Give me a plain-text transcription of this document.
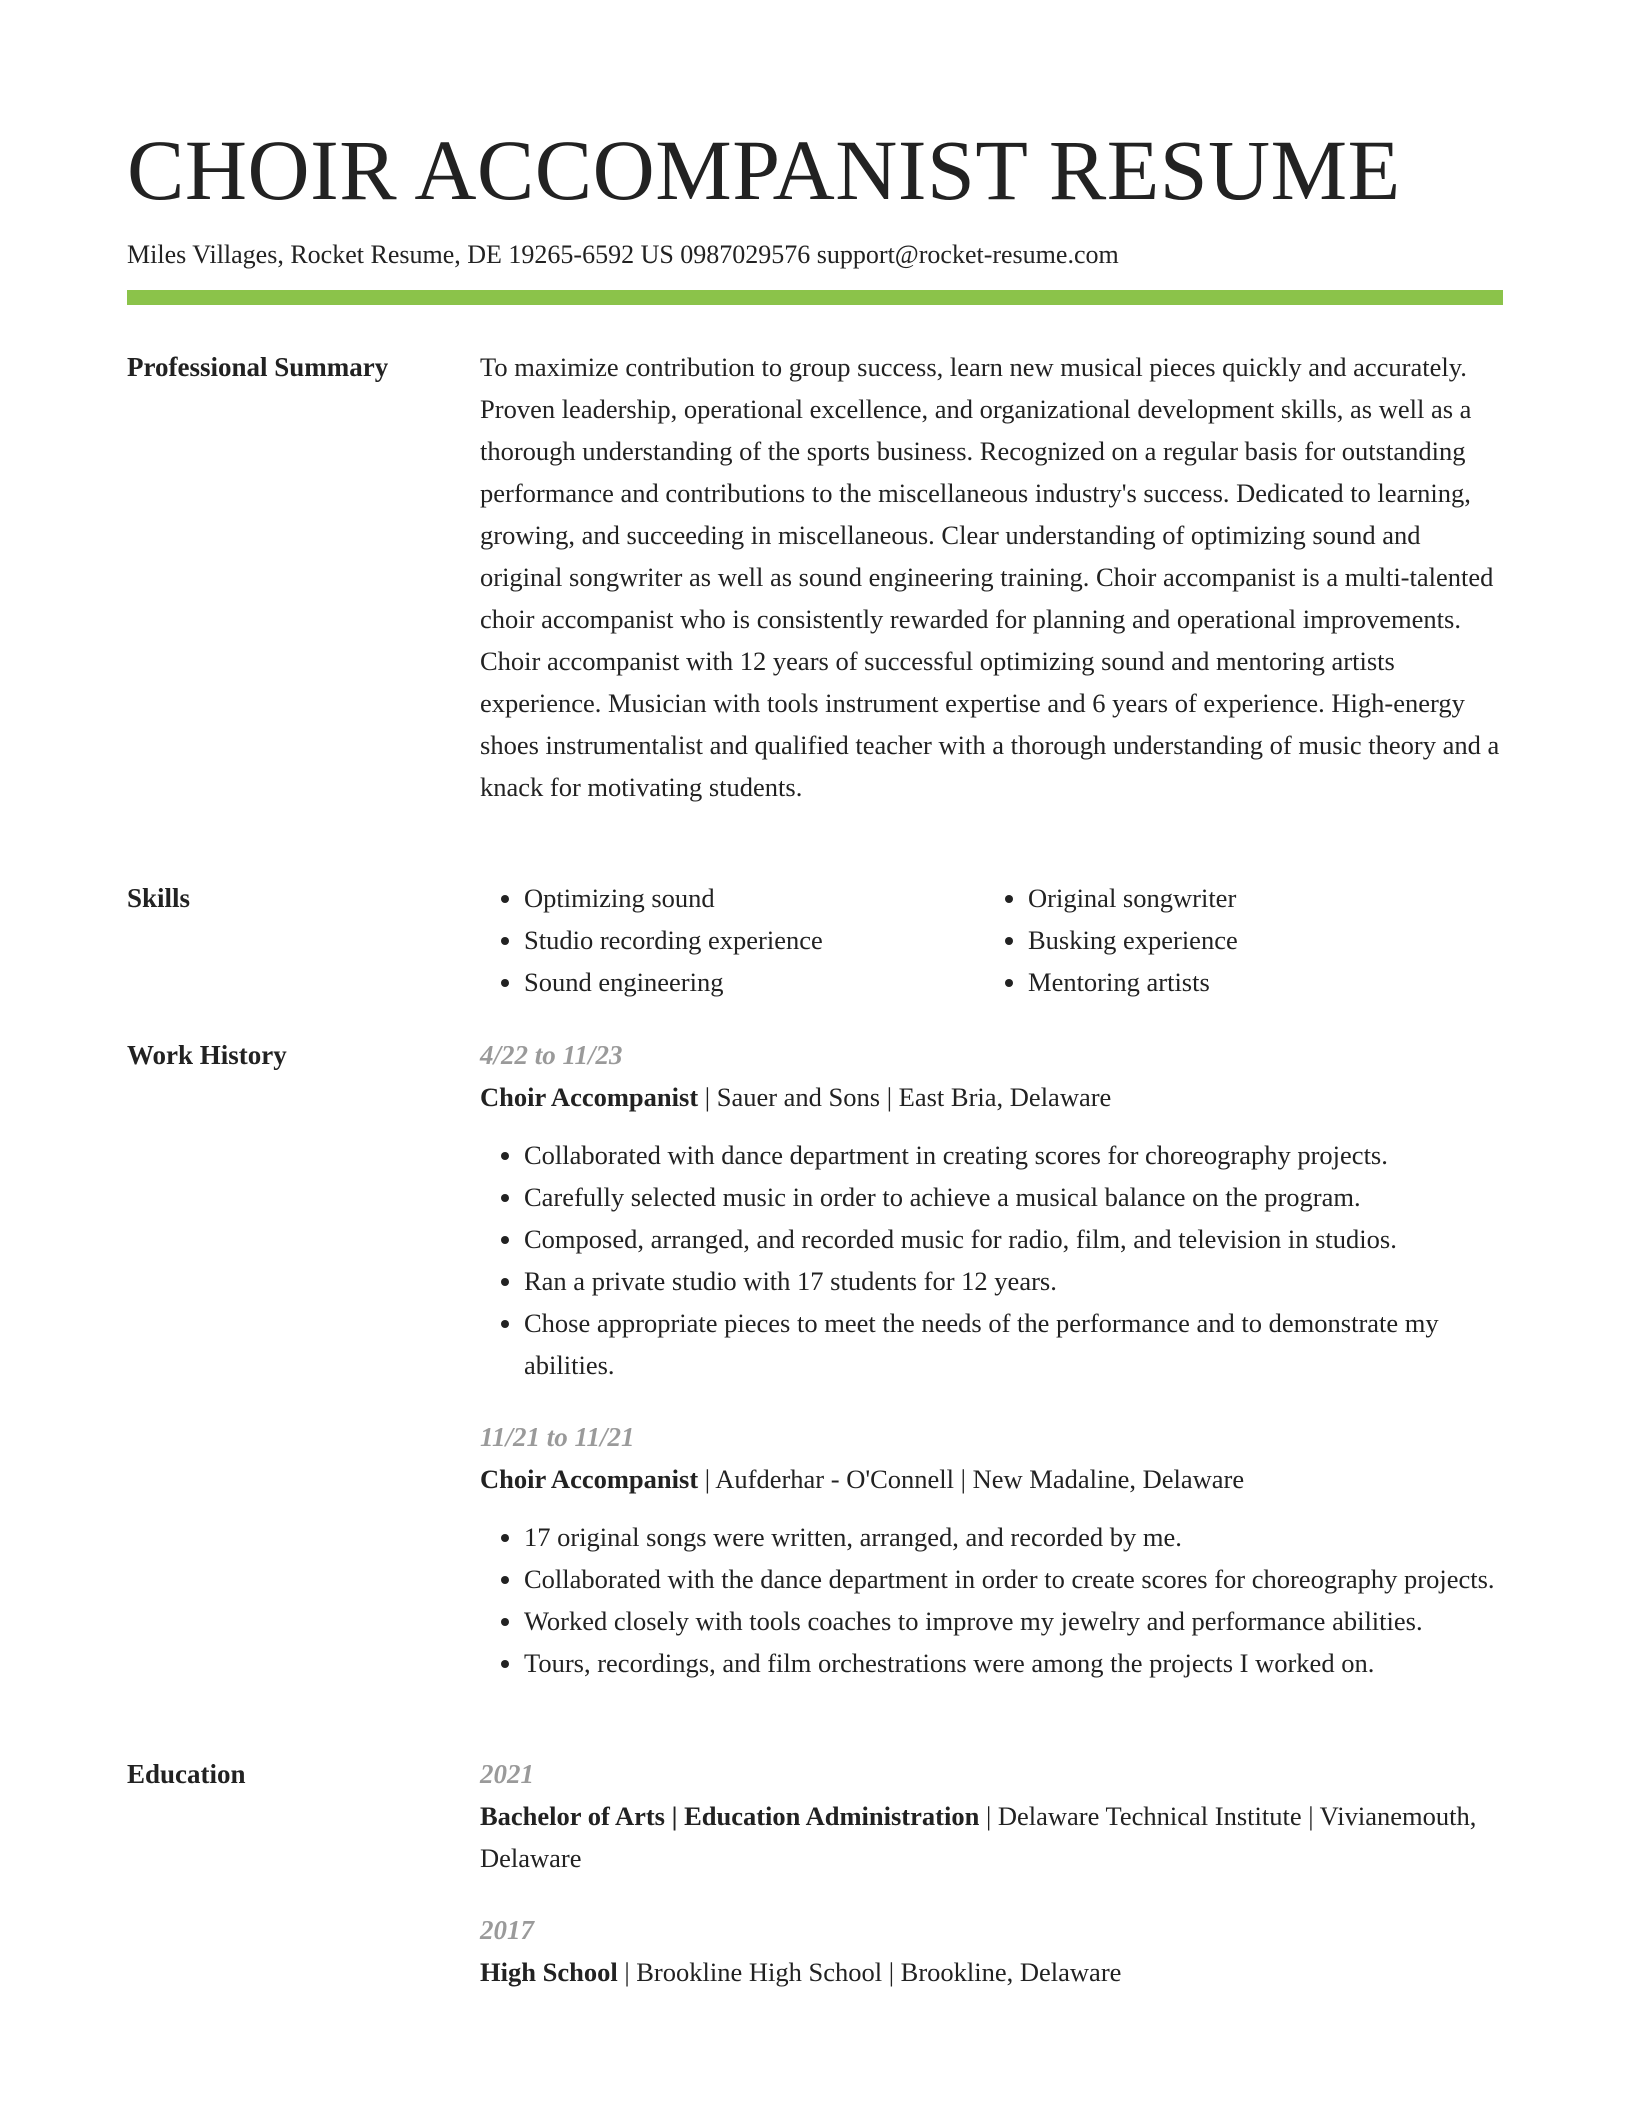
CHOIR ACCOMPANIST RESUME
Miles Villages, Rocket Resume, DE 19265-6592 US 0987029576 support@rocket-resume.com
Professional Summary	To maximize contribution to group success, learn new musical pieces quickly and accurately. Proven leadership, operational excellence, and organizational development skills, as well as a thorough understanding of the sports business. Recognized on a regular basis for outstanding performance and contributions to the miscellaneous industry's success. Dedicated to learning, growing, and succeeding in miscellaneous. Clear understanding of optimizing sound and original songwriter as well as sound engineering training. Choir accompanist is a multi-talented choir accompanist who is consistently rewarded for planning and operational improvements. Choir accompanist with 12 years of successful optimizing sound and mentoring artists experience. Musician with tools instrument expertise and 6 years of experience. High-energy shoes instrumentalist and qualified teacher with a thorough understanding of music theory and a knack for motivating students.

Skills
•	Optimizing sound
• Studio recording experience
• Sound engineering
• Original songwriter
• Busking experience
• Mentoring artists
Work History	4/22 to 11/23
Choir Accompanist | Sauer and Sons | East Bria, Delaware
• Collaborated with dance department in creating scores for choreography projects.
• Carefully selected music in order to achieve a musical balance on the program.
• Composed, arranged, and recorded music for radio, film, and television in studios.
• Ran a private studio with 17 students for 12 years.
• Chose appropriate pieces to meet the needs of the performance and to demonstrate my abilities.
11/21 to 11/21
Choir Accompanist | Aufderhar - O'Connell | New Madaline, Delaware
• 17 original songs were written, arranged, and recorded by me.
• Collaborated with the dance department in order to create scores for choreography projects.
• Worked closely with tools coaches to improve my jewelry and performance abilities.
• Tours, recordings, and film orchestrations were among the projects I worked on.
Education	2021
Bachelor of Arts | Education Administration | Delaware Technical Institute | Vivianemouth, Delaware
2017
High School | Brookline High School | Brookline, Delaware
